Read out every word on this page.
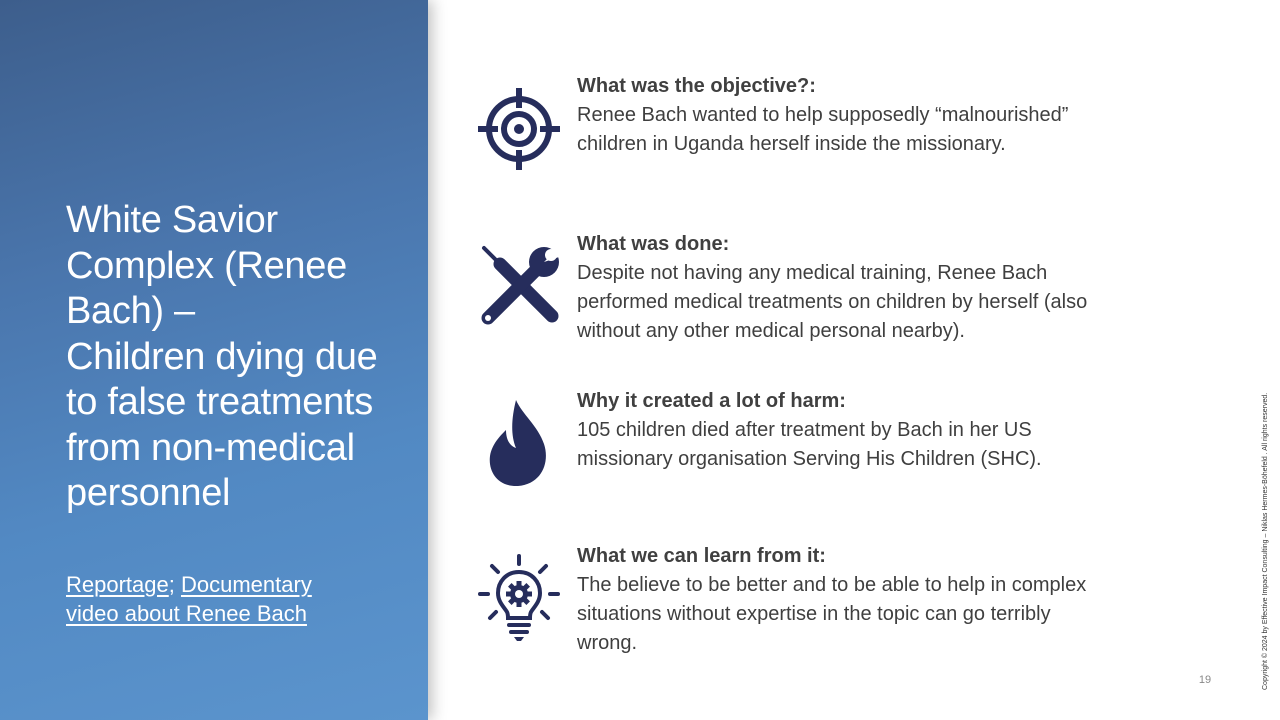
White Savior
Complex (Renee
Bach) –
Children dying due
to false treatments
from non-medical
personnel
Reportage; Documentary
video about Renee Bach
What was the objective?:
Renee Bach wanted to help supposedly “malnourished”
children in Uganda herself inside the missionary.
What was done:
Despite not having any medical training, Renee Bach
performed medical treatments on children by herself (also
without any other medical personal nearby).
Why it created a lot of harm:
105 children died after treatment by Bach in her US
missionary organisation Serving His Children (SHC).
What we can learn from it:
The believe to be better and to be able to help in complex
situations without expertise in the topic can go terribly
wrong.
19	Copyright © 2024 by Effective Impact Consulting – Niklas Hermes-Böhefeld . All rights reserved.
